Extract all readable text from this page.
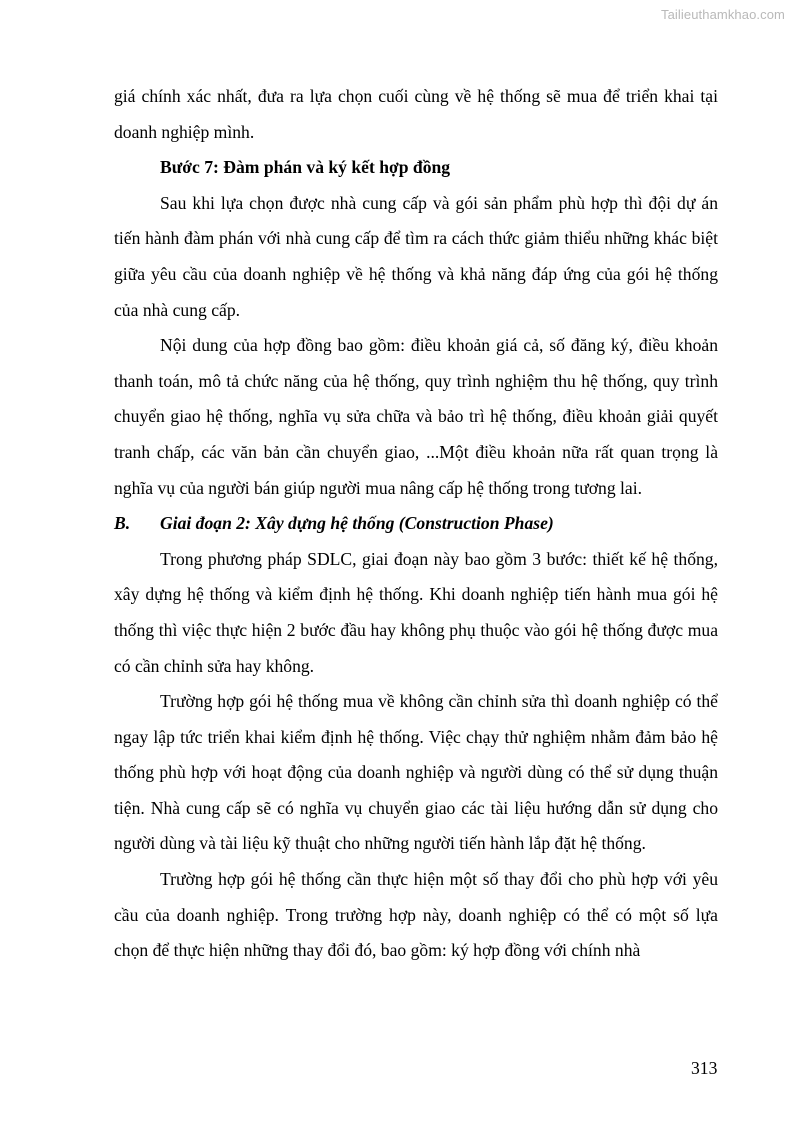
Tailieuthamkhao.com

giá chính xác nhất, đưa ra lựa chọn cuối cùng về hệ thống sẽ mua để triển khai tại doanh nghiệp mình.

Bước 7: Đàm phán và ký kết hợp đồng

Sau khi lựa chọn được nhà cung cấp và gói sản phẩm phù hợp thì đội dự án tiến hành đàm phán với nhà cung cấp để tìm ra cách thức giảm thiểu những khác biệt giữa yêu cầu của doanh nghiệp về hệ thống và khả năng đáp ứng của gói hệ thống của nhà cung cấp.

Nội dung của hợp đồng bao gồm: điều khoản giá cả, số đăng ký, điều khoản thanh toán, mô tả chức năng của hệ thống, quy trình nghiệm thu hệ thống, quy trình chuyển giao hệ thống, nghĩa vụ sửa chữa và bảo trì hệ thống, điều khoản giải quyết tranh chấp, các văn bản cần chuyển giao, ...Một điều khoản nữa rất quan trọng là nghĩa vụ của người bán giúp người mua nâng cấp hệ thống trong tương lai.

B.	Giai đoạn 2: Xây dựng hệ thống (Construction Phase)

Trong phương pháp SDLC, giai đoạn này bao gồm 3 bước: thiết kế hệ thống, xây dựng hệ thống và kiểm định hệ thống. Khi doanh nghiệp tiến hành mua gói hệ thống thì việc thực hiện 2 bước đầu hay không phụ thuộc vào gói hệ thống được mua có cần chỉnh sửa hay không.

Trường hợp gói hệ thống mua về không cần chỉnh sửa thì doanh nghiệp có thể ngay lập tức triển khai kiểm định hệ thống. Việc chạy thử nghiệm nhằm đảm bảo hệ thống phù hợp với hoạt động của doanh nghiệp và người dùng có thể sử dụng thuận tiện. Nhà cung cấp sẽ có nghĩa vụ chuyển giao các tài liệu hướng dẫn sử dụng cho người dùng và tài liệu kỹ thuật cho những người tiến hành lắp đặt hệ thống.

Trường hợp gói hệ thống cần thực hiện một số thay đổi cho phù hợp với yêu cầu của doanh nghiệp. Trong trường hợp này, doanh nghiệp có thể có một số lựa chọn để thực hiện những thay đổi đó, bao gồm: ký hợp đồng với chính nhà

313
